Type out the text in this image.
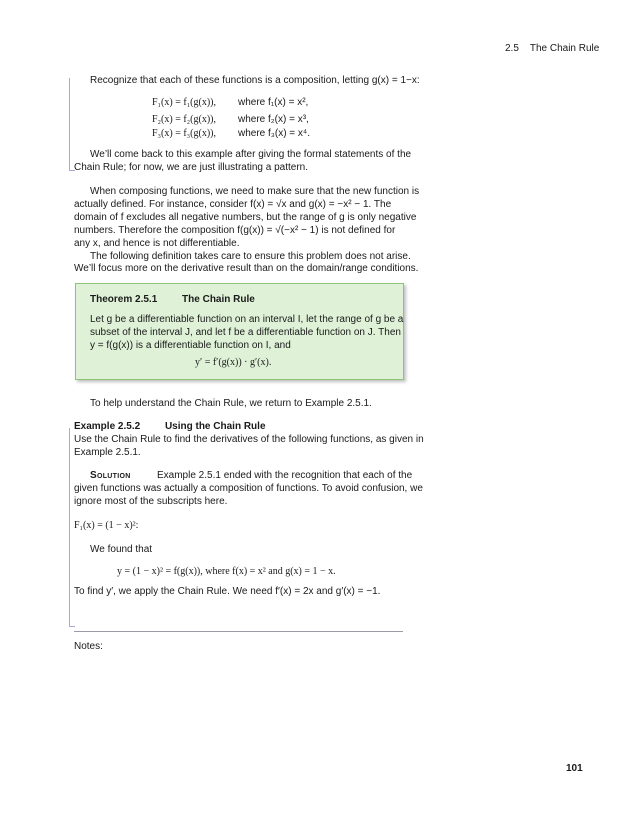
2.5 The Chain Rule
Recognize that each of these functions is a composition, letting g(x) = 1−x:
F₁(x) = f₁(g(x)), where f₁(x) = x²,
F₂(x) = f₂(g(x)), where f₂(x) = x³,
F₃(x) = f₃(g(x)), where f₃(x) = x⁴.
We’ll come back to this example after giving the formal statements of the
Chain Rule; for now, we are just illustrating a pattern.
When composing functions, we need to make sure that the new function is
actually defined. For instance, consider f(x) = √x and g(x) = −x² − 1. The
domain of f excludes all negative numbers, but the range of g is only negative
numbers. Therefore the composition f(g(x)) = √(−x² − 1) is not defined for
any x, and hence is not differentiable.
The following definition takes care to ensure this problem does not arise.
We’ll focus more on the derivative result than on the domain/range conditions.
Theorem 2.5.1 The Chain Rule
Let g be a differentiable function on an interval I, let the range of g be a
subset of the interval J, and let f be a differentiable function on J. Then
y = f(g(x)) is a differentiable function on I, and
y′ = f′(g(x)) · g′(x).
To help understand the Chain Rule, we return to Example 2.5.1.
Example 2.5.2 Using the Chain Rule
Use the Chain Rule to find the derivatives of the following functions, as given in
Example 2.5.1.
Solution	Example 2.5.1 ended with the recognition that each of the
given functions was actually a composition of functions. To avoid confusion, we
ignore most of the subscripts here.
F₁(x) = (1 − x)²:
We found that
y = (1 − x)² = f(g(x)), where f(x) = x² and g(x) = 1 − x.
To find y′, we apply the Chain Rule. We need f′(x) = 2x and g′(x) = −1.
Notes:
101
